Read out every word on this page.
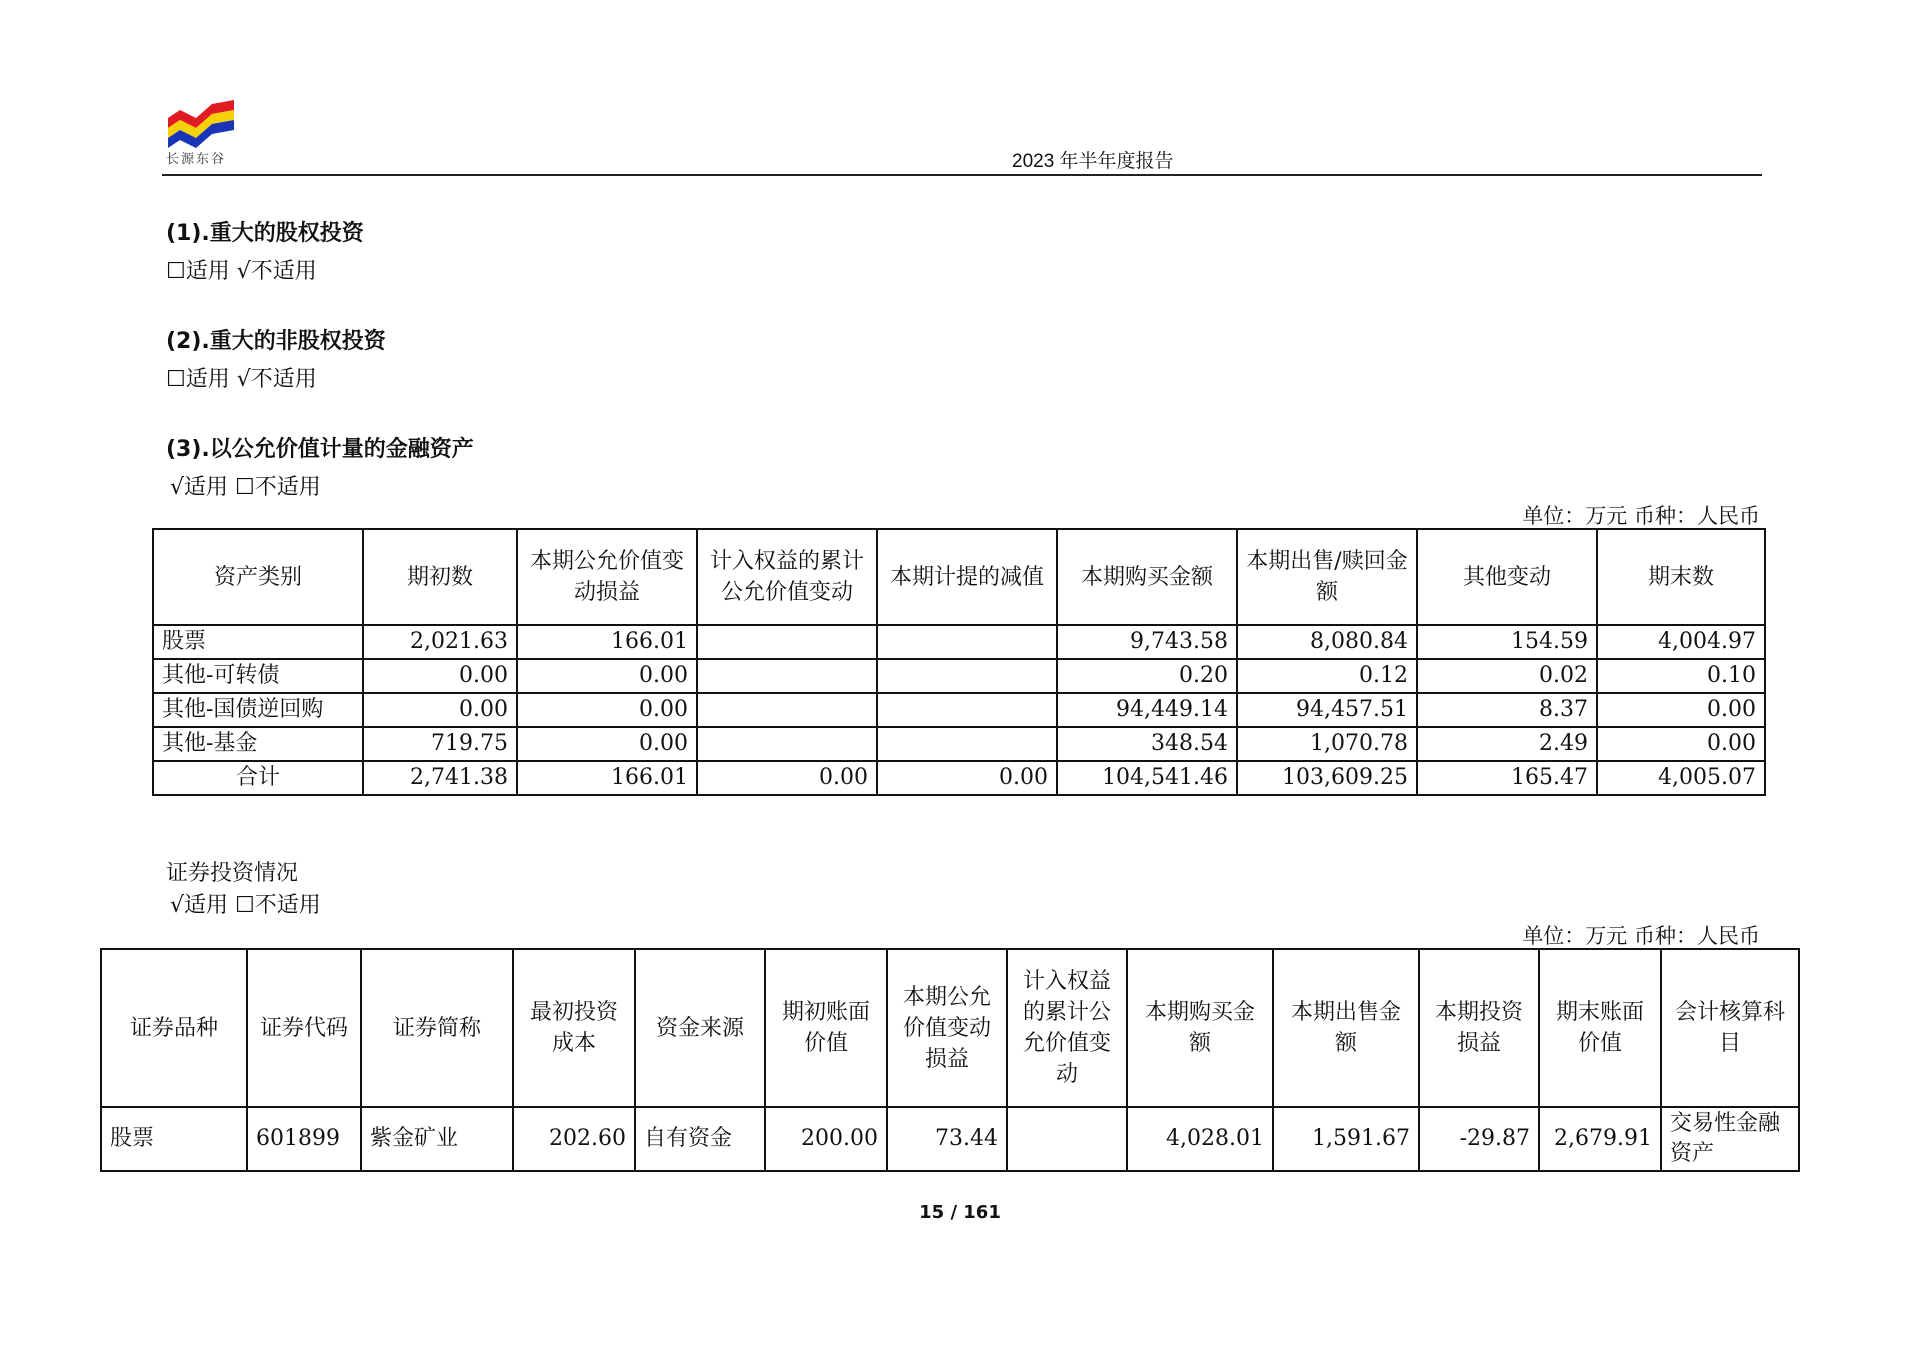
长源东谷	2023 年半年度报告
(1).重大的股权投资
☐适用 √不适用
(2).重大的非股权投资
☐适用 √不适用
(3).以公允价值计量的金融资产
√适用 ☐不适用
单位：万元 币种：人民币
资产类别	期初数	本期公允价值变动损益	计入权益的累计公允价值变动	本期计提的减值	本期购买金额	本期出售/赎回金额	其他变动	期末数
股票	2,021.63	166.01			9,743.58	8,080.84	154.59	4,004.97
其他-可转债	0.00	0.00			0.20	0.12	0.02	0.10
其他-国债逆回购	0.00	0.00			94,449.14	94,457.51	8.37	0.00
其他-基金	719.75	0.00			348.54	1,070.78	2.49	0.00
合计	2,741.38	166.01	0.00	0.00	104,541.46	103,609.25	165.47	4,005.07
证券投资情况
√适用 ☐不适用
单位：万元 币种：人民币
证券品种	证券代码	证券简称	最初投资成本	资金来源	期初账面价值	本期公允价值变动损益	计入权益的累计公允价值变动	本期购买金额	本期出售金额	本期投资损益	期末账面价值	会计核算科目
股票	601899	紫金矿业	202.60	自有资金	200.00	73.44		4,028.01	1,591.67	-29.87	2,679.91	交易性金融资产
15 / 161
